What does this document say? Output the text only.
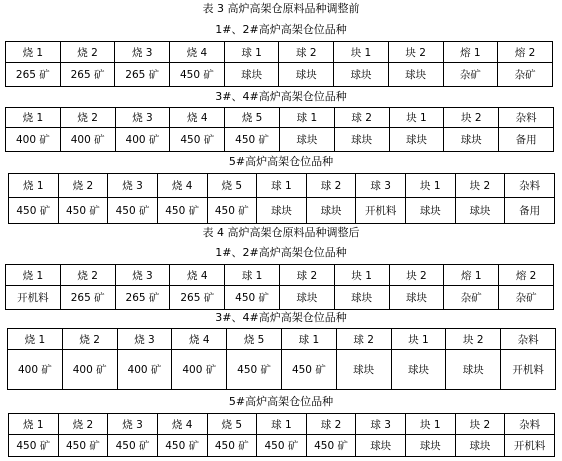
表 3 高炉高架仓原料品种调整前
1#、2#高炉高架仓位品种
烧 1	烧 2	烧 3	烧 4	球 1	球 2	块 1	块 2	熔 1	熔 2
265 矿	265 矿	265 矿	450 矿	球块	球块	球块	球块	杂矿	杂矿
3#、4#高炉高架仓位品种
烧 1	烧 2	烧 3	烧 4	烧 5	球 1	球 2	块 1	块 2	杂料
400 矿	400 矿	400 矿	450 矿	450 矿	球块	球块	球块	球块	备用
5#高炉高架仓位品种
烧 1	烧 2	烧 3	烧 4	烧 5	球 1	球 2	球 3	块 1	块 2	杂料
450 矿	450 矿	450 矿	450 矿	450 矿	球块	球块	开机料	球块	球块	备用
表 4 高炉高架仓原料品种调整后
1#、2#高炉高架仓位品种
烧 1	烧 2	烧 3	烧 4	球 1	球 2	块 1	块 2	熔 1	熔 2
开机料	265 矿	265 矿	265 矿	450 矿	球块	球块	球块	杂矿	杂矿
3#、4#高炉高架仓位品种
烧 1	烧 2	烧 3	烧 4	烧 5	球 1	球 2	块 1	块 2	杂料
400 矿	400 矿	400 矿	400 矿	450 矿	450 矿	球块	球块	球块	开机料
5#高炉高架仓位品种
烧 1	烧 2	烧 3	烧 4	烧 5	球 1	球 2	球 3	块 1	块 2	杂料
450 矿	450 矿	450 矿	450 矿	450 矿	450 矿	450 矿	球块	球块	球块	开机料
